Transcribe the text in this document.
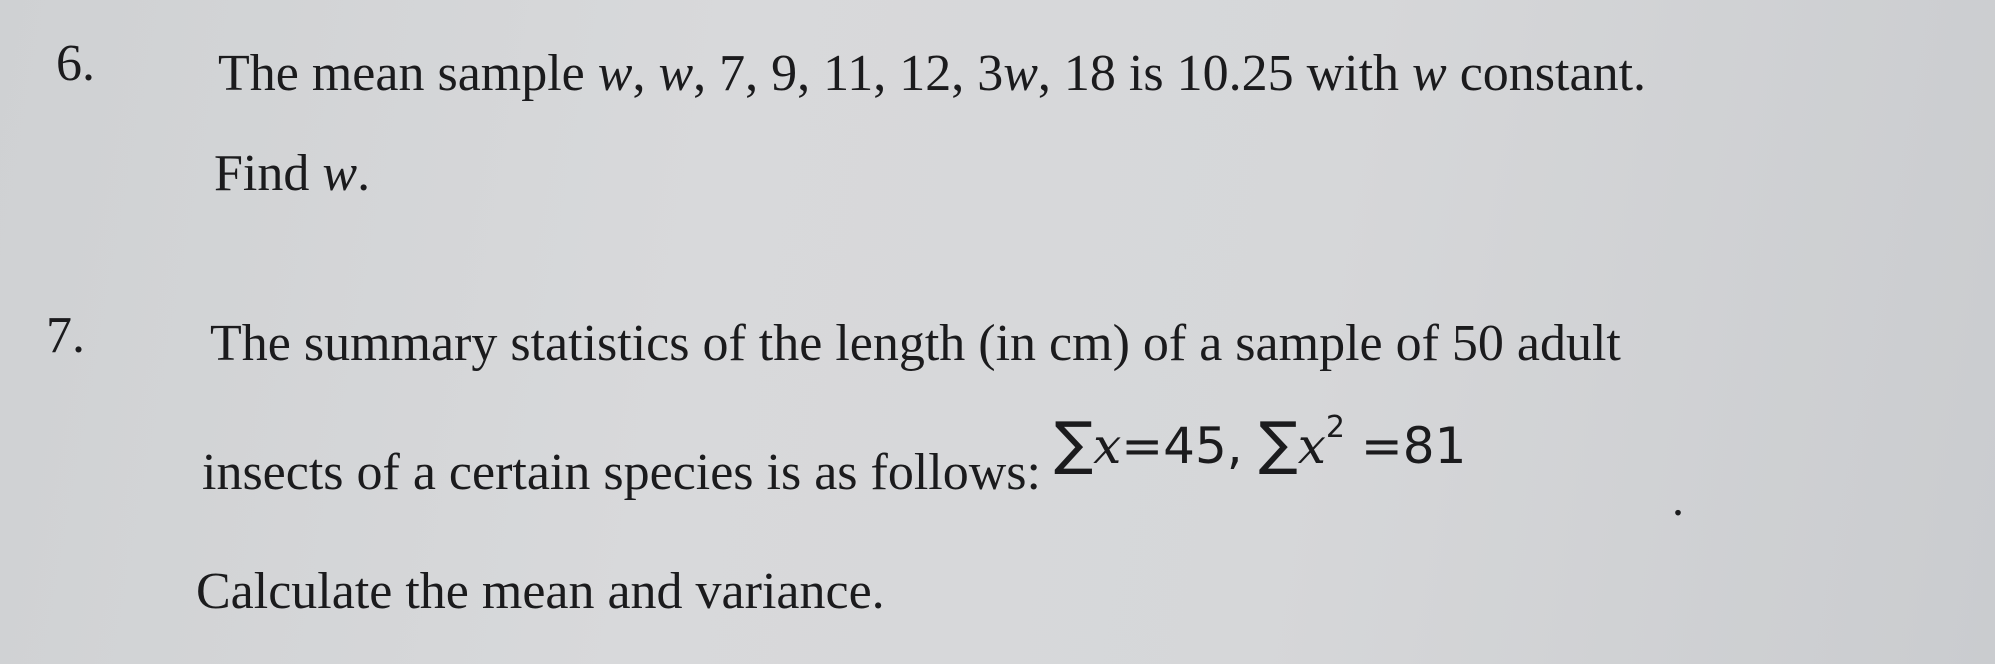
6. The mean sample w, w, 7, 9, 11, 12, 3w, 18 is 10.25 with w constant.
Find w.
7. The summary statistics of the length (in cm) of a sample of 50 adult
insects of a certain species is as follows: ∑x=45, $\sum x^2 =81$
.
Calculate the mean and variance.
